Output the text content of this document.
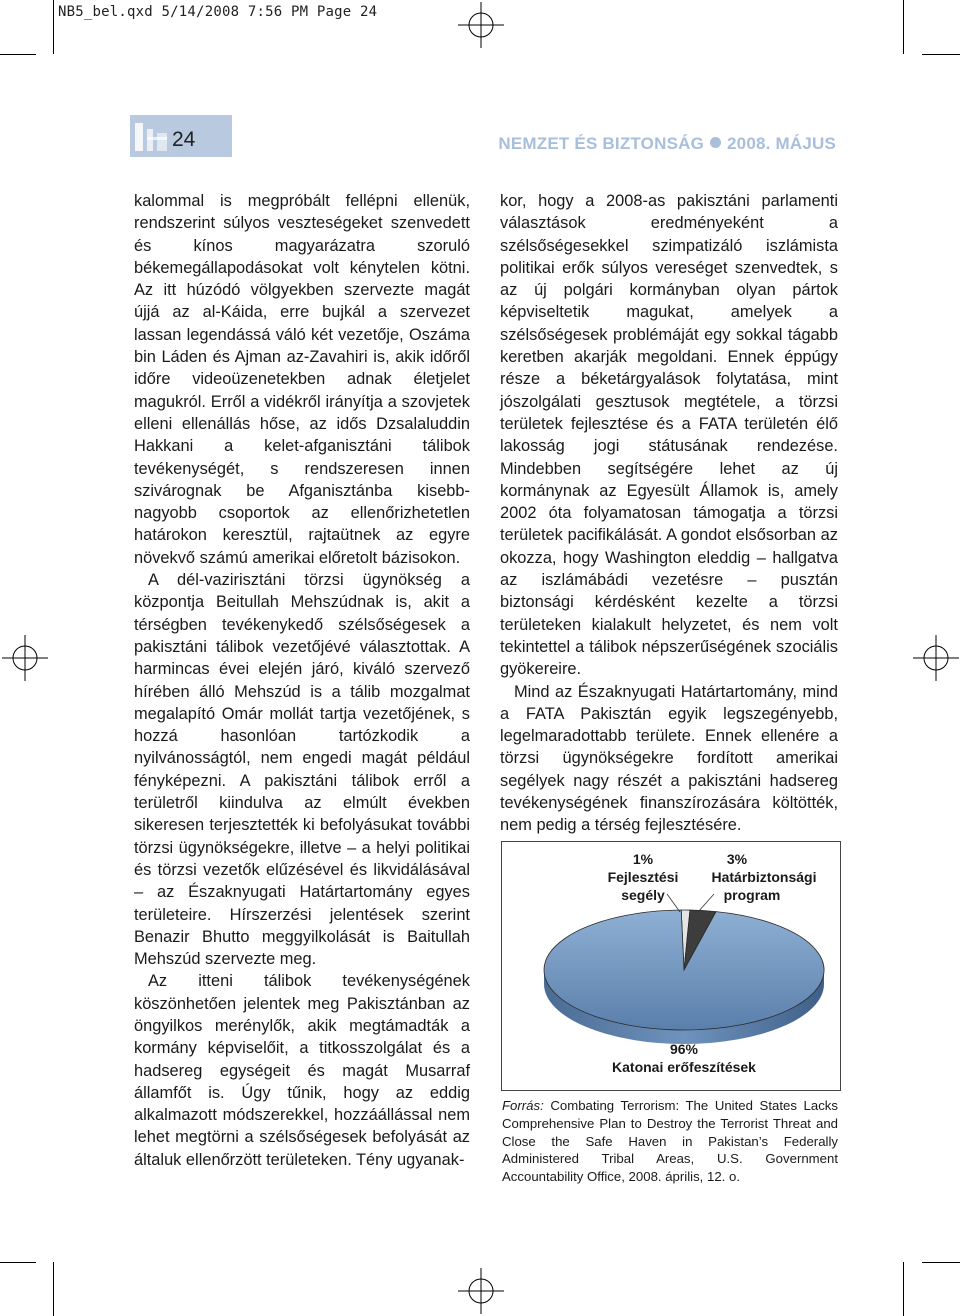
NB5_bel.qxd 5/14/2008 7:56 PM Page 24
24	NEMZET ÉS BIZTONSÁG 2008. MÁJUS

kalommal is megpróbált fellépni ellenük, rendszerint súlyos veszteségeket szenvedett és kínos magyarázatra szoruló békemegállapodásokat volt kénytelen kötni. Az itt húzódó völgyekben szervezte magát újjá az al-Káida, erre bujkál a szervezet lassan legendássá váló két vezetője, Oszáma bin Láden és Ajman az-Zavahiri is, akik időről időre videoüzenetekben adnak életjelet magukról. Erről a vidékről irányítja a szovjetek elleni ellenállás hőse, az idős Dzsalaluddin Hakkani a kelet-afganisztáni tálibok tevékenységét, s rendszeresen innen szivárognak be Afganisztánba kisebb-nagyobb csoportok az ellenőrizhetetlen határokon keresztül, rajtaütnek az egyre növekvő számú amerikai előretolt bázisokon.

A dél-vazirisztáni törzsi ügynökség a központja Beitullah Mehszúdnak is, akit a térségben tevékenykedő szélsőségesek a pakisztáni tálibok vezetőjévé választottak. A harmincas évei elején járó, kiváló szervező hírében álló Mehszúd is a tálib mozgalmat megalapító Omár mollát tartja vezetőjének, s hozzá hasonlóan tartózkodik a nyilvánosságtól, nem engedi magát például fényképezni. A pakisztáni tálibok erről a területről kiindulva az elmúlt években sikeresen terjesztették ki befolyásukat további törzsi ügynökségekre, illetve – a helyi politikai és törzsi vezetők elűzésével és likvidálásával – az Északnyugati Határtartomány egyes területeire. Hírszerzési jelentések szerint Benazir Bhutto meggyilkolását is Baitullah Mehszúd szervezte meg.

Az itteni tálibok tevékenységének köszönhetően jelentek meg Pakisztánban az öngyilkos merénylők, akik megtámadták a kormány képviselőit, a titkosszolgálat és a hadsereg egységeit és magát Musarraf államfőt is. Úgy tűnik, hogy az eddig alkalmazott módszerekkel, hozzáállással nem lehet megtörni a szélsőségesek befolyását az általuk ellenőrzött területeken. Tény ugyanak-

kor, hogy a 2008-as pakisztáni parlamenti választások eredményeként a szélsőségesekkel szimpatizáló iszlámista politikai erők súlyos vereséget szenvedtek, s az új polgári kormányban olyan pártok képviseltetik magukat, amelyek a szélsőségesek problémáját egy sokkal tágabb keretben akarják megoldani. Ennek éppúgy része a béketárgyalások folytatása, mint jószolgálati gesztusok megtétele, a törzsi területek fejlesztése és a FATA területén élő lakosság jogi státusának rendezése. Mindebben segítségére lehet az új kormánynak az Egyesült Államok is, amely 2002 óta folyamatosan támogatja a törzsi területek pacifikálását. A gondot elsősorban az okozza, hogy Washington eleddig – hallgatva az iszlámábádi vezetésre – pusztán biztonsági kérdésként kezelte a törzsi területeken kialakult helyzetet, és nem volt tekintettel a tálibok népszerűségének szociális gyökereire.

Mind az Északnyugati Határtartomány, mind a FATA Pakisztán egyik legszegényebb, legelmaradottabb területe. Ennek ellenére a törzsi ügynökségekre fordított amerikai segélyek nagy részét a pakisztáni hadsereg tevékenységének finanszírozására költötték, nem pedig a térség fejlesztésére.

1%
Fejlesztési
segély
3%
Határbiztonsági
program
96%
Katonai erőfeszítések
Forrás: Combating Terrorism: The United States Lacks Comprehensive Plan to Destroy the Terrorist Threat and Close the Safe Haven in Pakistan’s Federally Administered Tribal Areas, U.S. Government Accountability Office, 2008. április, 12. o.
